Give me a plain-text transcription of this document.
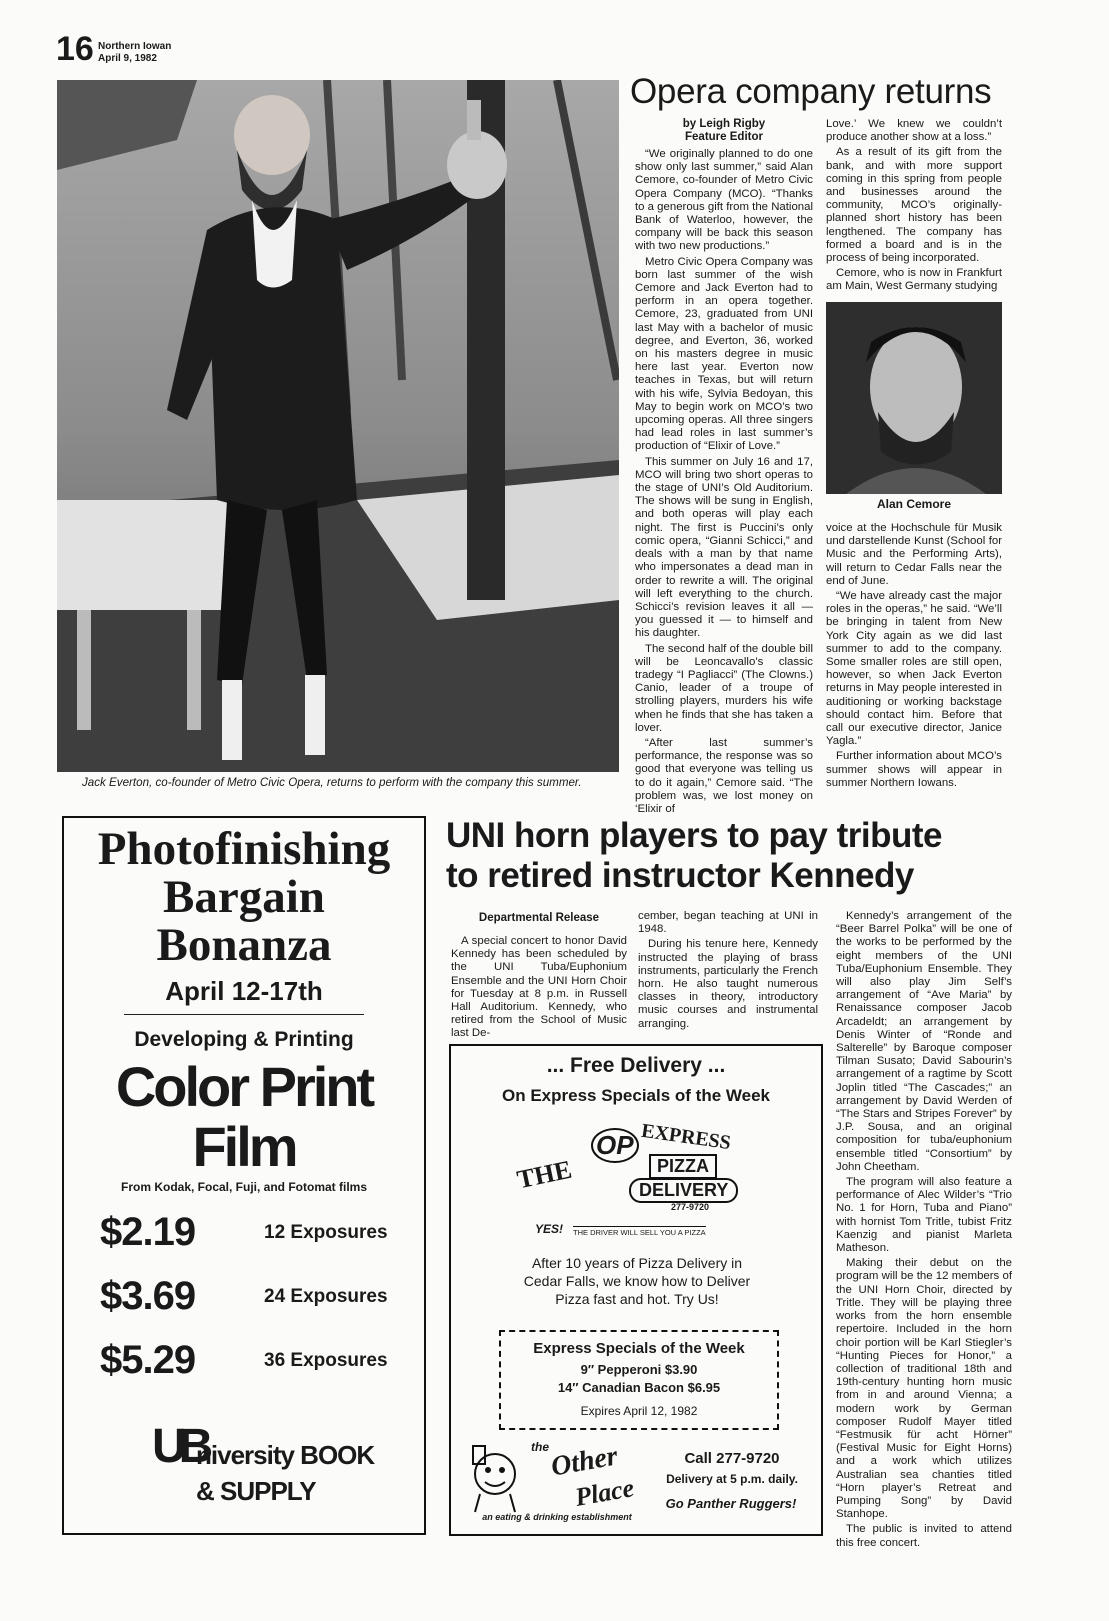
16 Northern Iowan
April 9, 1982
Jack Everton, co-founder of Metro Civic Opera, returns to perform with the company this summer.
Opera company returns
by Leigh Rigby
Feature Editor

“We originally planned to do one show only last summer,” said Alan Cemore, co-founder of Metro Civic Opera Company (MCO). “Thanks to a generous gift from the National Bank of Waterloo, however, the company will be back this season with two new productions.”

Metro Civic Opera Company was born last summer of the wish Cemore and Jack Everton had to perform in an opera together. Cemore, 23, graduated from UNI last May with a bachelor of music degree, and Everton, 36, worked on his masters degree in music here last year. Everton now teaches in Texas, but will return with his wife, Sylvia Bedoyan, this May to begin work on MCO’s two upcoming operas. All three singers had lead roles in last summer’s production of “Elixir of Love.”

This summer on July 16 and 17, MCO will bring two short operas to the stage of UNI’s Old Auditorium. The shows will be sung in English, and both operas will play each night. The first is Puccini’s only comic opera, “Gianni Schicci,” and deals with a man by that name who impersonates a dead man in order to rewrite a will. The original will left everything to the church. Schicci’s revision leaves it all — you guessed it — to himself and his daughter.

The second half of the double bill will be Leoncavallo’s classic tradegy “I Pagliacci” (The Clowns.) Canio, leader of a troupe of strolling players, murders his wife when he finds that she has taken a lover.

“After last summer’s performance, the response was so good that everyone was telling us to do it again,” Cemore said. “The problem was, we lost money on ‘Elixir of

Love.’ We knew we couldn’t produce another show at a loss.”

As a result of its gift from the bank, and with more support coming in this spring from people and businesses around the community, MCO’s originally-planned short history has been lengthened. The company has formed a board and is in the process of being incorporated.

Cemore, who is now in Frankfurt am Main, West Germany studying

Alan Cemore

voice at the Hochschule für Musik und darstellende Kunst (School for Music and the Performing Arts), will return to Cedar Falls near the end of June.

“We have already cast the major roles in the operas,” he said. “We’ll be bringing in talent from New York City again as we did last summer to add to the company. Some smaller roles are still open, however, so when Jack Everton returns in May people interested in auditioning or working backstage should contact him. Before that call our executive director, Janice Yagla.”

Further information about MCO’s summer shows will appear in summer Northern Iowans.

Photofinishing
Bargain
Bonanza
April 12-17th
Developing & Printing
Color Print
Film
From Kodak, Focal, Fuji, and Fotomat films
$2.19	12 Exposures
$3.69	24 Exposures
$5.29	36 Exposures
UB
niversity BOOK
& SUPPLY
UNI horn players to pay tribute
to retired instructor Kennedy
Departmental Release

A special concert to honor David Kennedy has been scheduled by the UNI Tuba/Euphonium Ensemble and the UNI Horn Choir for Tuesday at 8 p.m. in Russell Hall Auditorium. Kennedy, who retired from the School of Music last De-

cember, began teaching at UNI in 1948.

During his tenure here, Kennedy instructed the playing of brass instruments, particularly the French horn. He also taught numerous classes in theory, introductory music courses and instrumental arranging.

Kennedy’s arrangement of the “Beer Barrel Polka” will be one of the works to be performed by the eight members of the UNI Tuba/Euphonium Ensemble. They will also play Jim Self’s arrangement of “Ave Maria” by Renaissance composer Jacob Arcadeldt; an arrangement by Denis Winter of “Ronde and Salterelle” by Baroque composer Tilman Susato; David Sabourin’s arrangement of a ragtime by Scott Joplin titled “The Cascades;” an arrangement by David Werden of “The Stars and Stripes Forever” by J.P. Sousa, and an original composition for tuba/euphonium ensemble titled “Consortium” by John Cheetham.

The program will also feature a performance of Alec Wilder’s “Trio No. 1 for Horn, Tuba and Piano” with hornist Tom Tritle, tubist Fritz Kaenzig and pianist Marleta Matheson.

Making their debut on the program will be the 12 members of the UNI Horn Choir, directed by Tritle. They will be playing three works from the horn ensemble repertoire. Included in the horn choir portion will be Karl Stiegler’s “Hunting Pieces for Honor,” a collection of traditional 18th and 19th-century hunting horn music from in and around Vienna; a modern work by German composer Rudolf Mayer titled “Festmusik für acht Hörner” (Festival Music for Eight Horns) and a work which utilizes Australian sea chanties titled “Horn player’s Retreat and Pumping Song” by David Stanhope.

The public is invited to attend this free concert.

... Free Delivery ...
On Express Specials of the Week
THE
OP EXPRESS
PIZZA
DELIVERY
277-9720
YES! THE DRIVER WILL SELL YOU A PIZZA
After 10 years of Pizza Delivery in Cedar Falls, we know how to Deliver Pizza fast and hot. Try Us!
Express Specials of the Week
9″ Pepperoni $3.90
14″ Canadian Bacon $6.95
Expires April 12, 1982
the Other
Place
an eating & drinking establishment
Call 277-9720
Delivery at 5 p.m. daily.
Go Panther Ruggers!
